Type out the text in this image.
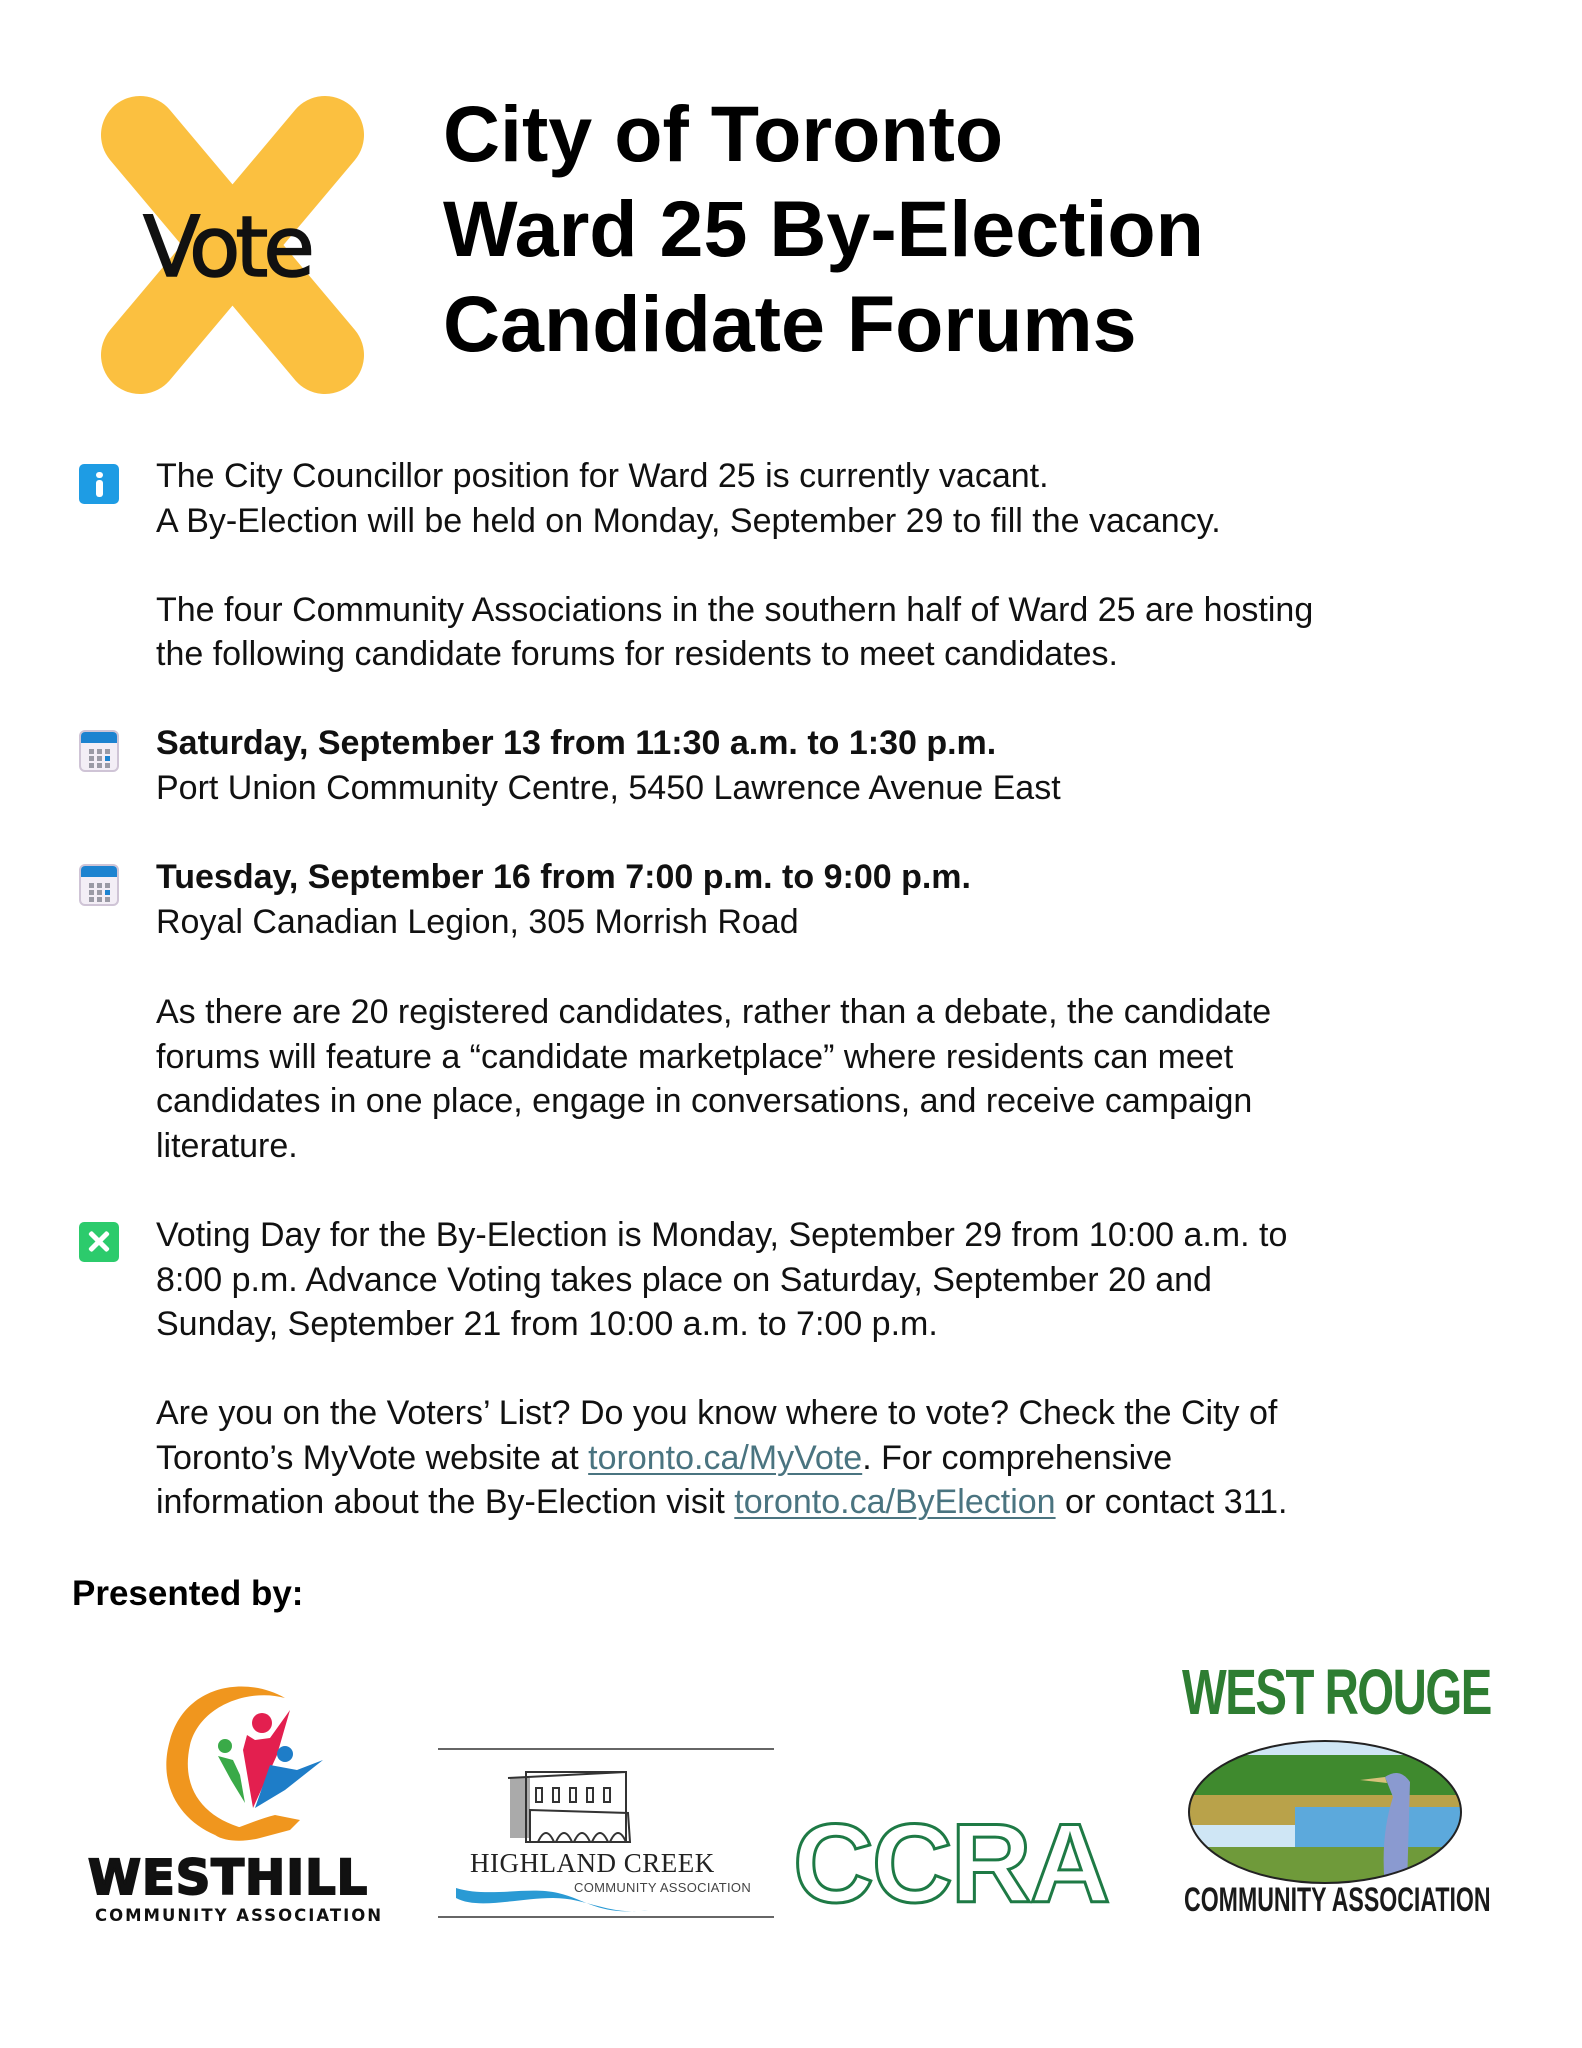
Vote
City of Toronto
Ward 25 By-Election
Candidate Forums

The City Councillor position for Ward 25 is currently vacant.

A By-Election will be held on Monday, September 29 to fill the vacancy.

The four Community Associations in the southern half of Ward 25 are hosting

the following candidate forums for residents to meet candidates.

Saturday, September 13 from 11:30 a.m. to 1:30 p.m.

Port Union Community Centre, 5450 Lawrence Avenue East

Tuesday, September 16 from 7:00 p.m. to 9:00 p.m.

Royal Canadian Legion, 305 Morrish Road

As there are 20 registered candidates, rather than a debate, the candidate

forums will feature a “candidate marketplace” where residents can meet

candidates in one place, engage in conversations, and receive campaign

literature.

Voting Day for the By-Election is Monday, September 29 from 10:00 a.m. to

8:00 p.m. Advance Voting takes place on Saturday, September 20 and

Sunday, September 21 from 10:00 a.m. to 7:00 p.m.

Are you on the Voters’ List? Do you know where to vote? Check the City of

Toronto’s MyVote website at toronto.ca/MyVote. For comprehensive

information about the By-Election visit toronto.ca/ByElection or contact 311.

Presented by:
WESTHILL
COMMUNITY ASSOCIATION
HIGHLAND CREEK
COMMUNITY ASSOCIATION CCRA
WEST ROUGE
COMMUNITY ASSOCIATION
